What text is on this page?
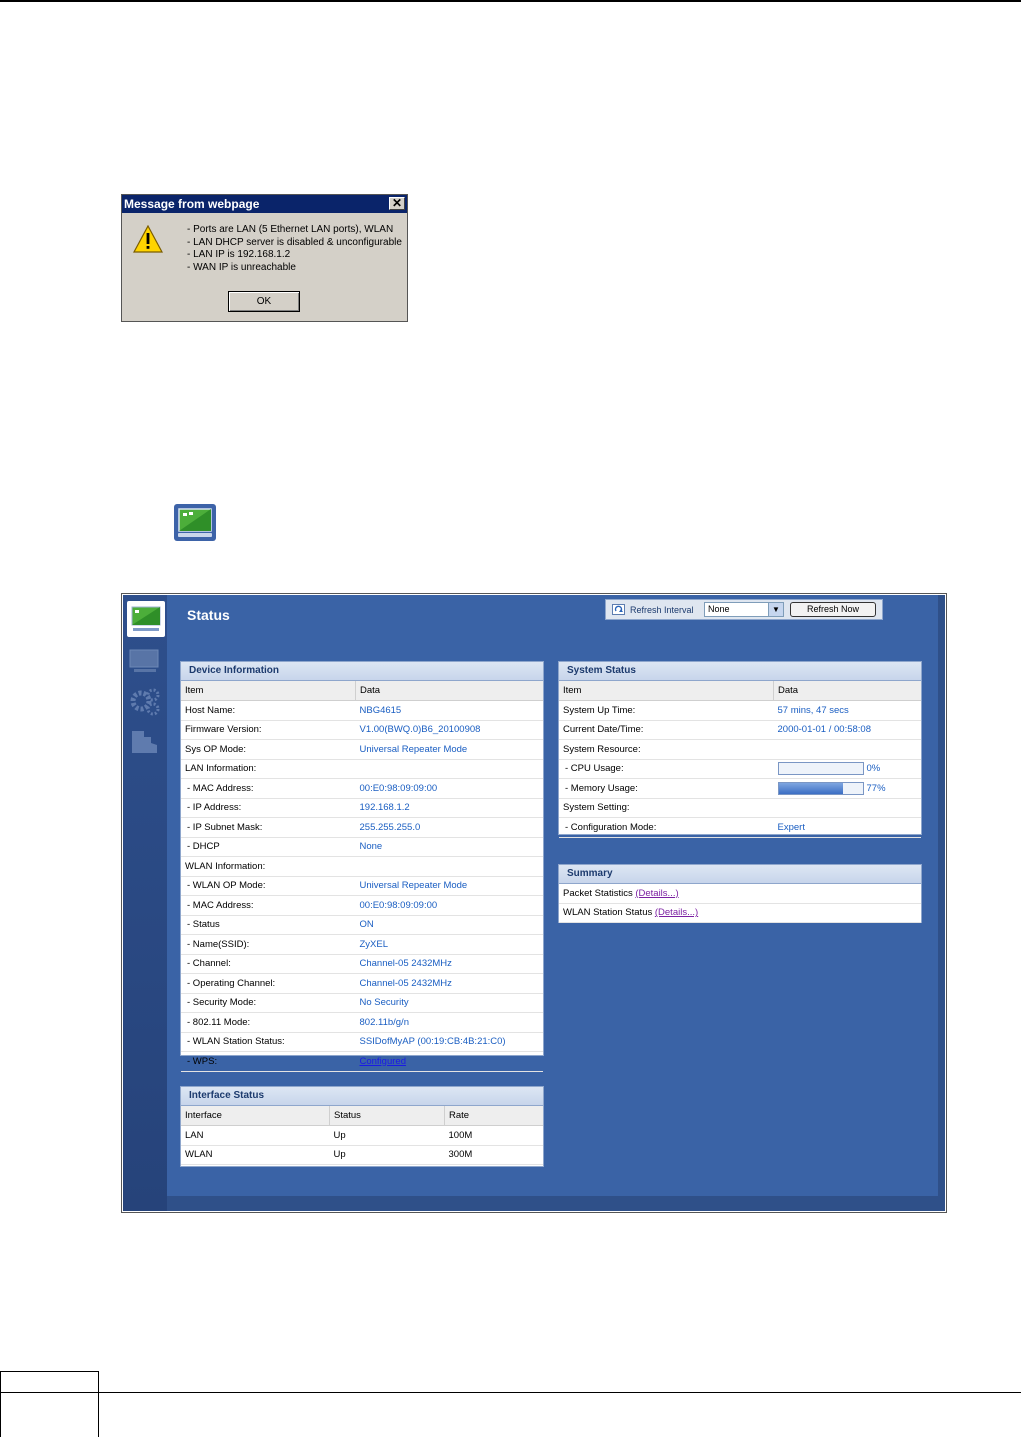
Message from webpage	✕
- Ports are LAN (5 Ethernet LAN ports), WLAN
- LAN DHCP server is disabled & unconfigurable
- LAN IP is 192.168.1.2
- WAN IP is unreachable
OK
Status	Refresh Interval	None	▼	Refresh Now
Device Information
Item	Data
Host Name:	NBG4615
Firmware Version:	V1.00(BWQ.0)B6_20100908
Sys OP Mode:	Universal Repeater Mode
LAN Information:	
- MAC Address:	00:E0:98:09:09:00
- IP Address:	192.168.1.2
- IP Subnet Mask:	255.255.255.0
- DHCP	None
WLAN Information:	
- WLAN OP Mode:	Universal Repeater Mode
- MAC Address:	00:E0:98:09:09:00
- Status	ON
- Name(SSID):	ZyXEL
- Channel:	Channel-05 2432MHz
- Operating Channel:	Channel-05 2432MHz
- Security Mode:	No Security
- 802.11 Mode:	802.11b/g/n
- WLAN Station Status:	SSIDofMyAP (00:19:CB:4B:21:C0)
- WPS:	Configured
System Status
Item	Data
System Up Time:	57 mins, 47 secs
Current Date/Time:	2000-01-01 / 00:58:08
System Resource:	
- CPU Usage:	0%
- Memory Usage:	77%
System Setting:	
- Configuration Mode:	Expert
Summary
Packet Statistics (Details...)
WLAN Station Status (Details...)
Interface Status
Interface	Status	Rate
LAN	Up	100M
WLAN	Up	300M
